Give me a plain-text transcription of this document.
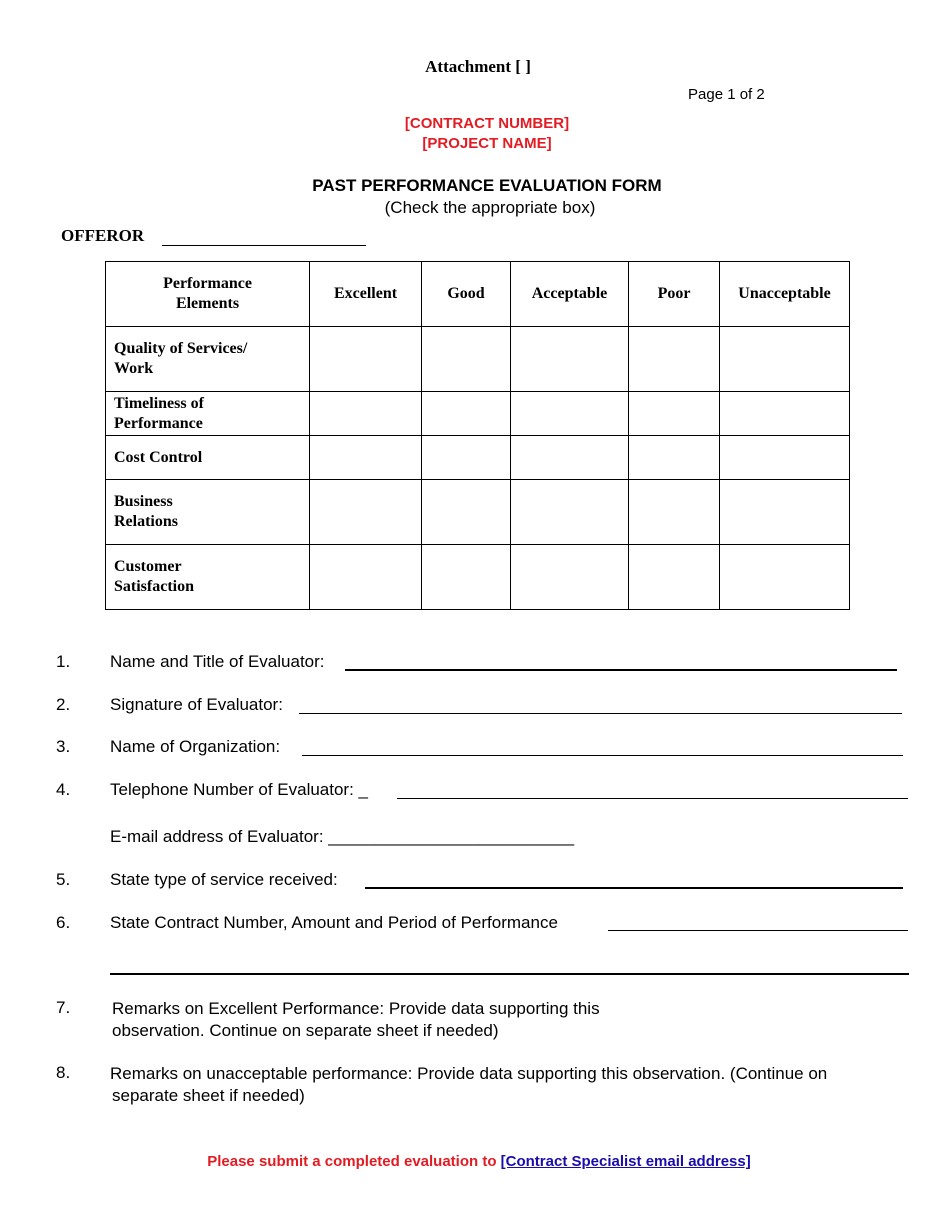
Attachment [ ]
Page 1 of 2
[CONTRACT NUMBER]
[PROJECT NAME]
PAST PERFORMANCE EVALUATION FORM
(Check the appropriate box)
OFFEROR
Performance Elements	Excellent	Good	Acceptable	Poor	Unacceptable
Quality of Services/ Work					
Timeliness of Performance					
Cost Control					
Business Relations					
Customer Satisfaction					
1. Name and Title of Evaluator:
2. Signature of Evaluator:
3. Name of Organization:
4. Telephone Number of Evaluator: _
E-mail address of Evaluator: __________________________
5. State type of service received:
6. State Contract Number, Amount and Period of Performance
7. Remarks on Excellent Performance: Provide data supporting this
observation. Continue on separate sheet if needed)
8. Remarks on unacceptable performance: Provide data supporting this observation. (Continue on
separate sheet if needed)
Please submit a completed evaluation to [Contract Specialist email address]
